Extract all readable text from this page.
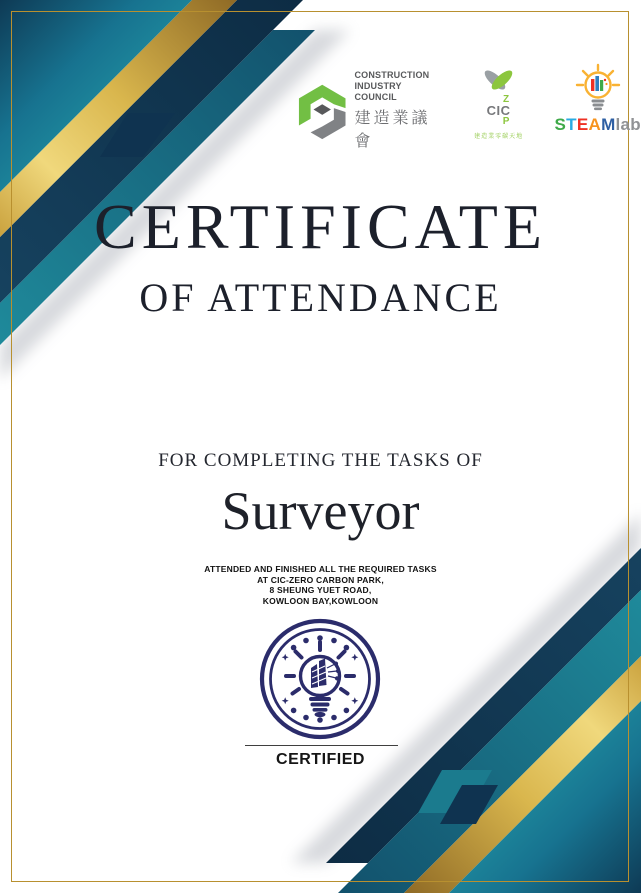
CONSTRUCTION
INDUSTRY COUNCIL
建造業議會
Z
CIC
P
建造業零碳天地
STEAMlab
CERTIFICATE
OF ATTENDANCE
FOR COMPLETING THE TASKS OF
Surveyor
ATTENDED AND FINISHED ALL THE REQUIRED TASKS
AT CIC-ZERO CARBON PARK,
8 SHEUNG YUET ROAD,
KOWLOON BAY,KOWLOON
CERTIFIED
